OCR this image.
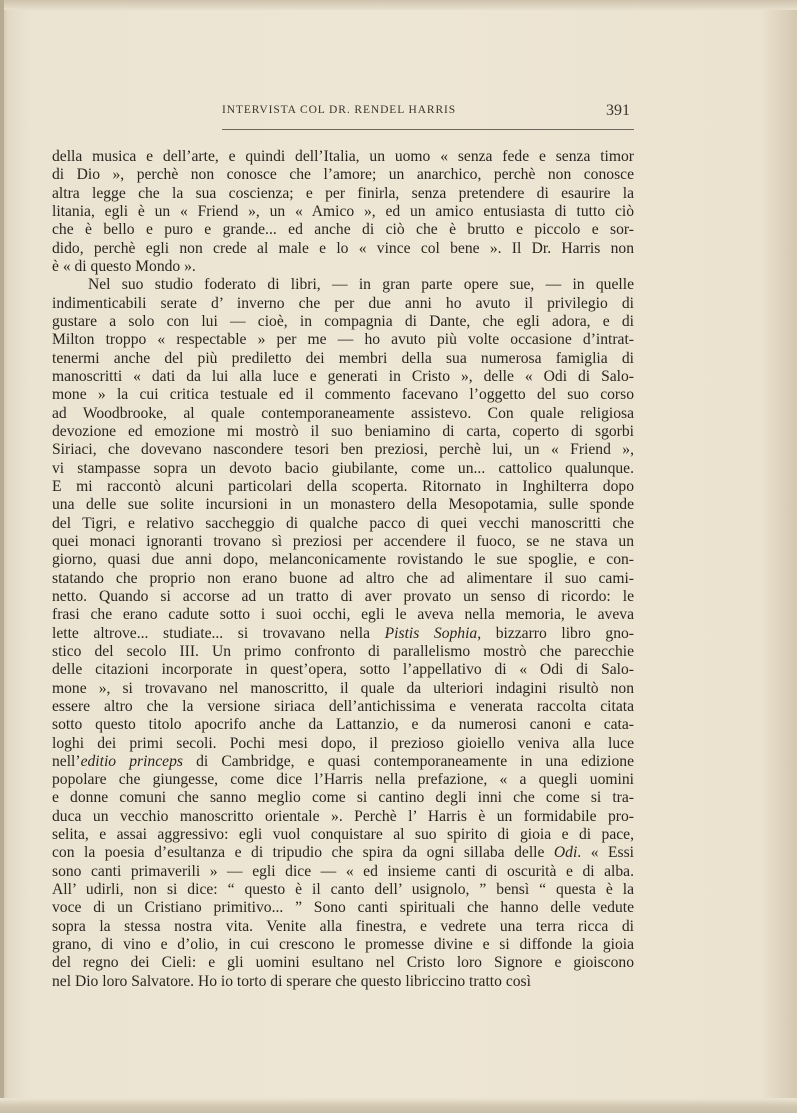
INTERVISTA COL DR. RENDEL HARRIS	391
della musica e dell’arte, e quindi dell’Italia, un uomo « senza fede e senza timor
di Dio », perchè non conosce che l’amore; un anarchico, perchè non conosce
altra legge che la sua coscienza; e per finirla, senza pretendere di esaurire la
litania, egli è un « Friend », un « Amico », ed un amico entusiasta di tutto ciò
che è bello e puro e grande... ed anche di ciò che è brutto e piccolo e sor-
dido, perchè egli non crede al male e lo « vince col bene ». Il Dr. Harris non
è « di questo Mondo ».
Nel suo studio foderato di libri, — in gran parte opere sue, — in quelle
indimenticabili serate d’ inverno che per due anni ho avuto il privilegio di
gustare a solo con lui — cioè, in compagnia di Dante, che egli adora, e di
Milton troppo « respectable » per me — ho avuto più volte occasione d’intrat-
tenermi anche del più prediletto dei membri della sua numerosa famiglia di
manoscritti « dati da lui alla luce e generati in Cristo », delle « Odi di Salo-
mone » la cui critica testuale ed il commento facevano l’oggetto del suo corso
ad Woodbrooke, al quale contemporaneamente assistevo. Con quale religiosa
devozione ed emozione mi mostrò il suo beniamino di carta, coperto di sgorbi
Siriaci, che dovevano nascondere tesori ben preziosi, perchè lui, un « Friend »,
vi stampasse sopra un devoto bacio giubilante, come un... cattolico qualunque.
E mi raccontò alcuni particolari della scoperta. Ritornato in Inghilterra dopo
una delle sue solite incursioni in un monastero della Mesopotamia, sulle sponde
del Tigri, e relativo saccheggio di qualche pacco di quei vecchi manoscritti che
quei monaci ignoranti trovano sì preziosi per accendere il fuoco, se ne stava un
giorno, quasi due anni dopo, melanconicamente rovistando le sue spoglie, e con-
statando che proprio non erano buone ad altro che ad alimentare il suo cami-
netto. Quando si accorse ad un tratto di aver provato un senso di ricordo: le
frasi che erano cadute sotto i suoi occhi, egli le aveva nella memoria, le aveva
lette altrove... studiate... si trovavano nella Pistis Sophia, bizzarro libro gno-
stico del secolo III. Un primo confronto di parallelismo mostrò che parecchie
delle citazioni incorporate in quest’opera, sotto l’appellativo di « Odi di Salo-
mone », si trovavano nel manoscritto, il quale da ulteriori indagini risultò non
essere altro che la versione siriaca dell’antichissima e venerata raccolta citata
sotto questo titolo apocrifo anche da Lattanzio, e da numerosi canoni e cata-
loghi dei primi secoli. Pochi mesi dopo, il prezioso gioiello veniva alla luce
nell’editio princeps di Cambridge, e quasi contemporaneamente in una edizione
popolare che giungesse, come dice l’Harris nella prefazione, « a quegli uomini
e donne comuni che sanno meglio come si cantino degli inni che come si tra-
duca un vecchio manoscritto orientale ». Perchè l’ Harris è un formidabile pro-
selita, e assai aggressivo: egli vuol conquistare al suo spirito di gioia e di pace,
con la poesia d’esultanza e di tripudio che spira da ogni sillaba delle Odi. « Essi
sono canti primaverili » — egli dice — « ed insieme canti di oscurità e di alba.
All’ udirli, non si dice: “ questo è il canto dell’ usignolo, ” bensì “ questa è la
voce di un Cristiano primitivo... ” Sono canti spirituali che hanno delle vedute
sopra la stessa nostra vita. Venite alla finestra, e vedrete una terra ricca di
grano, di vino e d’olio, in cui crescono le promesse divine e si diffonde la gioia
del regno dei Cieli: e gli uomini esultano nel Cristo loro Signore e gioiscono
nel Dio loro Salvatore. Ho io torto di sperare che questo libriccino tratto così
